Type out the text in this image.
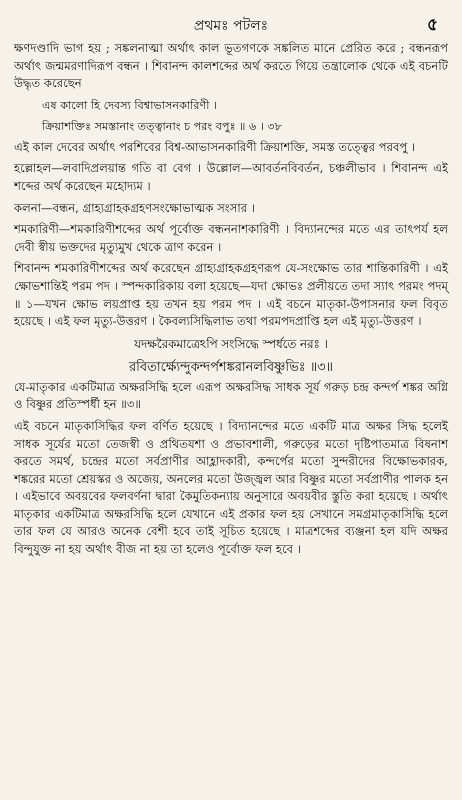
প্রথমঃ পটলঃ	৫
ক্ষণদণ্ডাদি ভাগ হয় ; সঙ্কলনাত্মা অর্থাৎ কাল ভূতগণকে সঙ্কলিত মানে প্রেরিত করে ; বন্ধনরূপ অর্থাৎ জন্মমরণাদিরূপ বন্ধন । শিবানন্দ কালশব্দের অর্থ করতে গিয়ে তন্ত্রালোক থেকে এই বচনটি উদ্ধৃত করেছেন
এষ কালো হি দেবস্য বিশ্বাভাসনকারিণী ।
ক্রিয়াশক্তিঃ সমস্তানাং তত্ত্বানাং চ পরং বপুঃ ॥ ৬ । ৩৮
এই কাল দেবের অর্থাৎ পরশিবের বিশ্ব-আভাসনকারিণী ক্রিয়াশক্তি, সমস্ত তত্ত্বের পরবপু ।
হল্লোহল—লবাদিপ্রলয়ান্ত গতি বা বেগ । উল্লোল—আবর্তনবিবর্তন, চঞ্চলীভাব । শিবানন্দ এই শব্দের অর্থ করেছেন মহোদ্যম ।
কলনা—বন্ধন, গ্রাহ্যগ্রাহকগ্রহণসংক্ষোভাত্মক সংসার ।
শমকারিণী—শমকারিণীশব্দের অর্থ পূর্বোক্ত বন্ধননাশকারিণী । বিদ্যানন্দের মতে এর তাৎপর্য হল দেবী স্বীয় ভক্তদের মৃত্যুমুখ থেকে ত্রাণ করেন ।
শিবানন্দ শমকারিণীশব্দের অর্থ করেছেন গ্রাহ্যগ্রাহকগ্রহণরূপ যে-সংক্ষোভ তার শান্তিকারিণী । এই ক্ষোভশান্তিই পরম পদ । স্পন্দকারিকায় বলা হয়েছে—যদা ক্ষোভঃ প্রলীয়তে তদা স্যাৎ পরমং পদম্ ॥ ১—যখন ক্ষোভ লয়প্রাপ্ত হয় তখন হয় পরম পদ । এই বচনে মাতৃকা-উপাসনার ফল বিবৃত হয়েছে । এই ফল মৃত্যু-উত্তরণ । কৈবল্যসিদ্ধিলাভ তথা পরমপদপ্রাপ্তি হল এই মৃত্যু-উত্তরণ ।
যদক্ষরৈকমাত্রেঽপি সংসিদ্ধে স্পর্ধতে নরঃ ।
রবিতার্ক্ষ্যেন্দুকন্দর্পশঙ্করানলবিষ্ণুভিঃ ॥৩॥
যে-মাতৃকার একটিমাত্র অক্ষরসিদ্ধি হলে এরূপ অক্ষরসিদ্ধ সাধক সূর্য গরুড় চন্দ্র কন্দর্প শঙ্কর অগ্নি ও বিষ্ণুর প্রতিস্পর্ধী হন ॥৩॥
এই বচনে মাতৃকাসিদ্ধির ফল বর্ণিত হয়েছে । বিদ্যানন্দের মতে একটি মাত্র অক্ষর সিদ্ধ হলেই সাধক সূর্যের মতো তেজস্বী ও প্রথিতযশা ও প্রভাবশালী, গরুড়ের মতো দৃষ্টিপাতমাত্র বিষনাশ করতে সমর্থ, চন্দ্রের মতো সর্বপ্রাণীর আহ্লাদকারী, কন্দর্পের মতো সুন্দরীদের বিক্ষোভকারক, শঙ্করের মতো শ্রেয়স্কর ও অজেয়, অনলের মতো উজ্জ্বল আর বিষ্ণুর মতো সর্বপ্রাণীর পালক হন । এইভাবে অবয়বের ফলবর্ণনা দ্বারা কৈমুতিকন্যায় অনুসারে অবয়বীর স্তুতি করা হয়েছে । অর্থাৎ মাতৃকার একটিমাত্র অক্ষরসিদ্ধি হলে যেখানে এই প্রকার ফল হয় সেখানে সমগ্রমাতৃকাসিদ্ধি হলে তার ফল যে আরও অনেক বেশী হবে তাই সূচিত হয়েছে । মাত্রশব্দের ব্যঞ্জনা হল যদি অক্ষর বিন্দুযুক্ত না হয় অর্থাৎ বীজ না হয় তা হলেও পূর্বোক্ত ফল হবে ।
